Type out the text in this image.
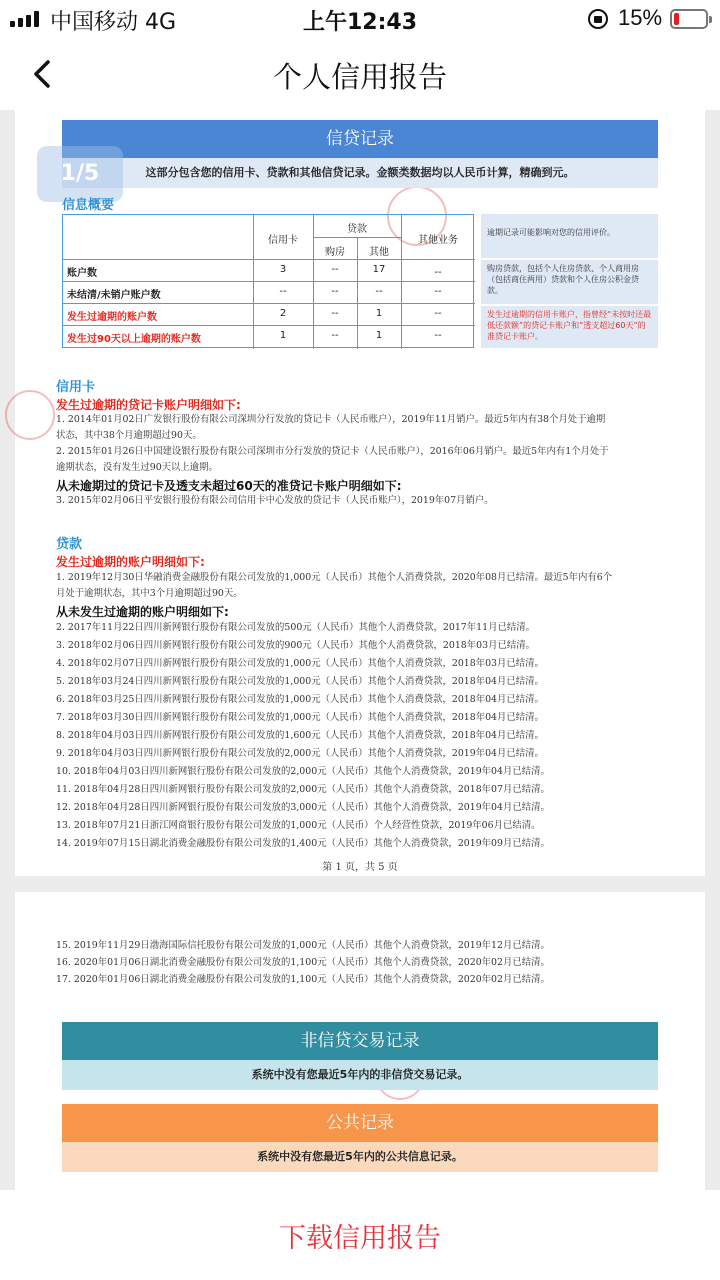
中国移动 4G	上午12:43	15%
个人信用报告
信贷记录
这部分包含您的信用卡、贷款和其他信贷记录。金额类数据均以人民币计算，精确到元。
1/5
信息概要
信用卡
贷款
购房	其他
其他业务
账户数	3	--	17	--
未结清/未销户账户数	--	--	--	--
发生过逾期的账户数	2	--	1	--
发生过90天以上逾期的账户数	1	--	1	--
逾期记录可能影响对您的信用评价。
购房贷款，包括个人住房贷款、个人商用房（包括商住两用）贷款和个人住房公积金贷款。
发生过逾期的信用卡账户，指曾经“未按时还最低还款额”的贷记卡账户和“透支超过60天”的准贷记卡账户。
信用卡
发生过逾期的贷记卡账户明细如下:
1. 2014年01月02日广发银行股份有限公司深圳分行发放的贷记卡（人民币账户），2019年11月销户。最近5年内有38个月处于逾期
状态，其中38个月逾期超过90天。
2. 2015年01月26日中国建设银行股份有限公司深圳市分行发放的贷记卡（人民币账户），2016年06月销户。最近5年内有1个月处于
逾期状态，没有发生过90天以上逾期。
从未逾期过的贷记卡及透支未超过60天的准贷记卡账户明细如下:
3. 2015年02月06日平安银行股份有限公司信用卡中心发放的贷记卡（人民币账户），2019年07月销户。
贷款
发生过逾期的账户明细如下:
1. 2019年12月30日华融消费金融股份有限公司发放的1,000元（人民币）其他个人消费贷款，2020年08月已结清。最近5年内有6个
月处于逾期状态，其中3个月逾期超过90天。
从未发生过逾期的账户明细如下:
2. 2017年11月22日四川新网银行股份有限公司发放的500元（人民币）其他个人消费贷款，2017年11月已结清。
3. 2018年02月06日四川新网银行股份有限公司发放的900元（人民币）其他个人消费贷款，2018年03月已结清。
4. 2018年02月07日四川新网银行股份有限公司发放的1,000元（人民币）其他个人消费贷款，2018年03月已结清。
5. 2018年03月24日四川新网银行股份有限公司发放的1,000元（人民币）其他个人消费贷款，2018年04月已结清。
6. 2018年03月25日四川新网银行股份有限公司发放的1,000元（人民币）其他个人消费贷款，2018年04月已结清。
7. 2018年03月30日四川新网银行股份有限公司发放的1,000元（人民币）其他个人消费贷款，2018年04月已结清。
8. 2018年04月03日四川新网银行股份有限公司发放的1,600元（人民币）其他个人消费贷款，2018年04月已结清。
9. 2018年04月03日四川新网银行股份有限公司发放的2,000元（人民币）其他个人消费贷款，2019年04月已结清。
10. 2018年04月03日四川新网银行股份有限公司发放的2,000元（人民币）其他个人消费贷款，2019年04月已结清。
11. 2018年04月28日四川新网银行股份有限公司发放的2,000元（人民币）其他个人消费贷款，2018年07月已结清。
12. 2018年04月28日四川新网银行股份有限公司发放的3,000元（人民币）其他个人消费贷款，2019年04月已结清。
13. 2018年07月21日浙江网商银行股份有限公司发放的1,000元（人民币）个人经营性贷款，2019年06月已结清。
14. 2019年07月15日湖北消费金融股份有限公司发放的1,400元（人民币）其他个人消费贷款，2019年09月已结清。
第 1 页，共 5 页
15. 2019年11月29日渤海国际信托股份有限公司发放的1,000元（人民币）其他个人消费贷款，2019年12月已结清。
16. 2020年01月06日湖北消费金融股份有限公司发放的1,100元（人民币）其他个人消费贷款，2020年02月已结清。
17. 2020年01月06日湖北消费金融股份有限公司发放的1,100元（人民币）其他个人消费贷款，2020年02月已结清。
非信贷交易记录
系统中没有您最近5年内的非信贷交易记录。
公共记录
系统中没有您最近5年内的公共信息记录。
下载信用报告
